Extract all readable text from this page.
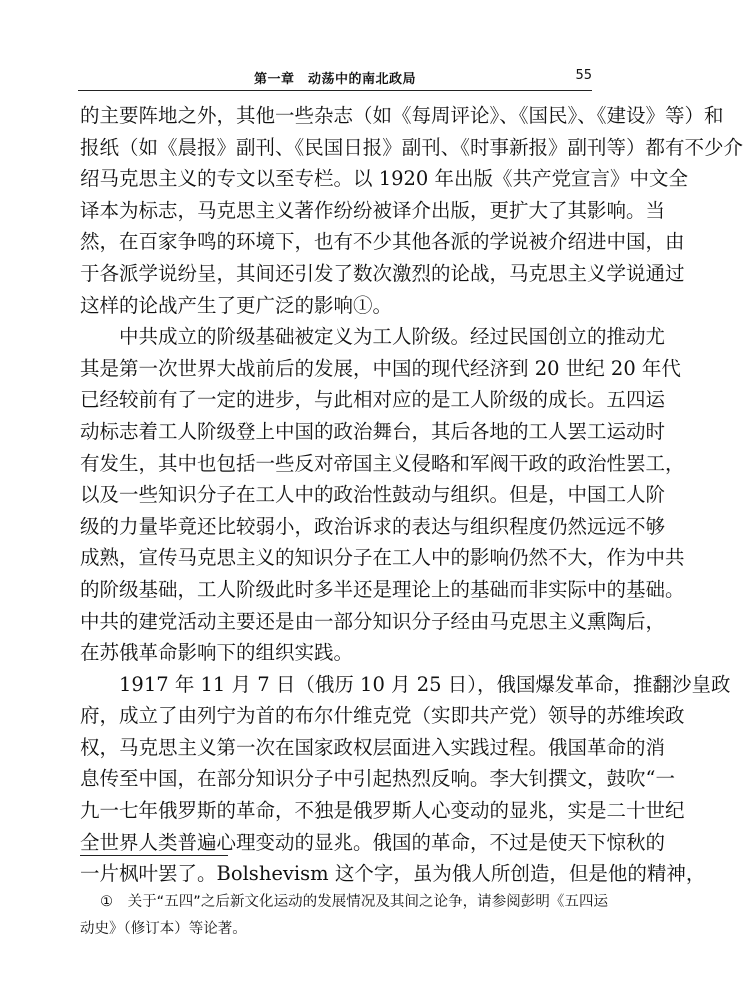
第一章　动荡中的南北政局	55
的主要阵地之外，其他一些杂志（如《每周评论》、《国民》、《建设》等）和
报纸（如《晨报》副刊、《民国日报》副刊、《时事新报》副刊等）都有不少介
绍马克思主义的专文以至专栏。以 1920 年出版《共产党宣言》中文全
译本为标志，马克思主义著作纷纷被译介出版，更扩大了其影响。当
然，在百家争鸣的环境下，也有不少其他各派的学说被介绍进中国，由
于各派学说纷呈，其间还引发了数次激烈的论战，马克思主义学说通过
这样的论战产生了更广泛的影响①。
中共成立的阶级基础被定义为工人阶级。经过民国创立的推动尤
其是第一次世界大战前后的发展，中国的现代经济到 20 世纪 20 年代
已经较前有了一定的进步，与此相对应的是工人阶级的成长。五四运
动标志着工人阶级登上中国的政治舞台，其后各地的工人罢工运动时
有发生，其中也包括一些反对帝国主义侵略和军阀干政的政治性罢工，
以及一些知识分子在工人中的政治性鼓动与组织。但是，中国工人阶
级的力量毕竟还比较弱小，政治诉求的表达与组织程度仍然远远不够
成熟，宣传马克思主义的知识分子在工人中的影响仍然不大，作为中共
的阶级基础，工人阶级此时多半还是理论上的基础而非实际中的基础。
中共的建党活动主要还是由一部分知识分子经由马克思主义熏陶后，
在苏俄革命影响下的组织实践。
1917 年 11 月 7 日（俄历 10 月 25 日），俄国爆发革命，推翻沙皇政
府，成立了由列宁为首的布尔什维克党（实即共产党）领导的苏维埃政
权，马克思主义第一次在国家政权层面进入实践过程。俄国革命的消
息传至中国，在部分知识分子中引起热烈反响。李大钊撰文，鼓吹“一
九一七年俄罗斯的革命，不独是俄罗斯人心变动的显兆，实是二十世纪
全世界人类普遍心理变动的显兆。俄国的革命，不过是使天下惊秋的
一片枫叶罢了。Bolshevism 这个字，虽为俄人所创造，但是他的精神，
①　关于“五四”之后新文化运动的发展情况及其间之论争，请参阅彭明《五四运
动史》（修订本）等论著。
